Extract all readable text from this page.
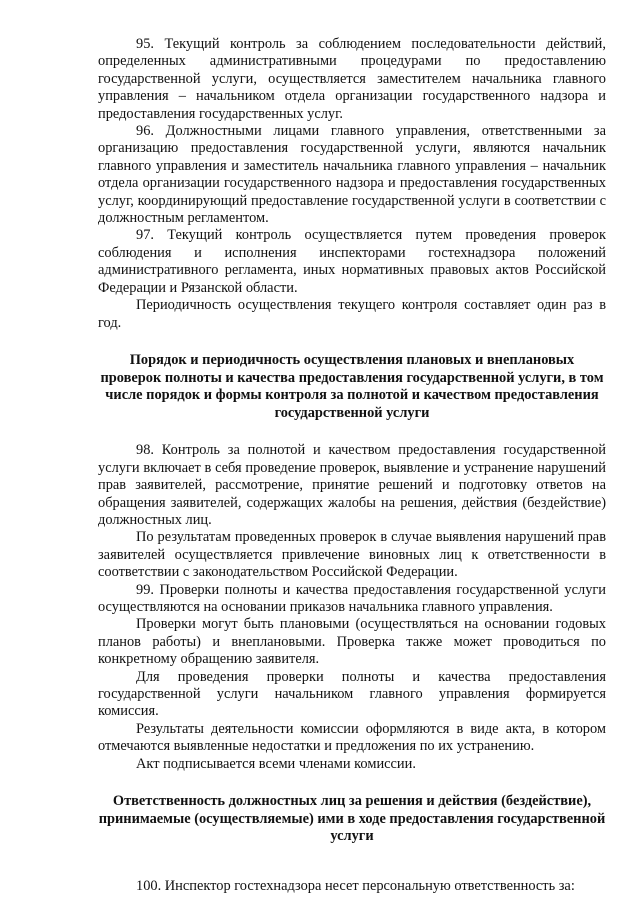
95. Текущий контроль за соблюдением последовательности действий, определенных административными процедурами по предоставлению государственной услуги, осуществляется заместителем начальника главного управления – начальником отдела организации государственного надзора и предоставления государственных услуг.

96. Должностными лицами главного управления, ответственными за организацию предоставления государственной услуги, являются начальник главного управления и заместитель начальника главного управления – начальник отдела организации государственного надзора и предоставления государственных услуг, координирующий предоставление государственной услуги в соответствии с должностным регламентом.

97. Текущий контроль осуществляется путем проведения проверок соблюдения и исполнения инспекторами гостехнадзора положений административного регламента, иных нормативных правовых актов Российской Федерации и Рязанской области.

Периодичность осуществления текущего контроля составляет один раз в год.

Порядок и периодичность осуществления плановых и внеплановых проверок полноты и качества предоставления государственной услуги, в том числе порядок и формы контроля за полнотой и качеством предоставления государственной услуги

98. Контроль за полнотой и качеством предоставления государственной услуги включает в себя проведение проверок, выявление и устранение нарушений прав заявителей, рассмотрение, принятие решений и подготовку ответов на обращения заявителей, содержащих жалобы на решения, действия (бездействие) должностных лиц.

По результатам проведенных проверок в случае выявления нарушений прав заявителей осуществляется привлечение виновных лиц к ответственности в соответствии с законодательством Российской Федерации.

99. Проверки полноты и качества предоставления государственной услуги осуществляются на основании приказов начальника главного управления.

Проверки могут быть плановыми (осуществляться на основании годовых планов работы) и внеплановыми. Проверка также может проводиться по конкретному обращению заявителя.

Для проведения проверки полноты и качества предоставления государственной услуги начальником главного управления формируется комиссия.

Результаты деятельности комиссии оформляются в виде акта, в котором отмечаются выявленные недостатки и предложения по их устранению.

Акт подписывается всеми членами комиссии.

Ответственность должностных лиц за решения и действия (бездействие), принимаемые (осуществляемые) ими в ходе предоставления государственной услуги

100. Инспектор гостехнадзора несет персональную ответственность за:
